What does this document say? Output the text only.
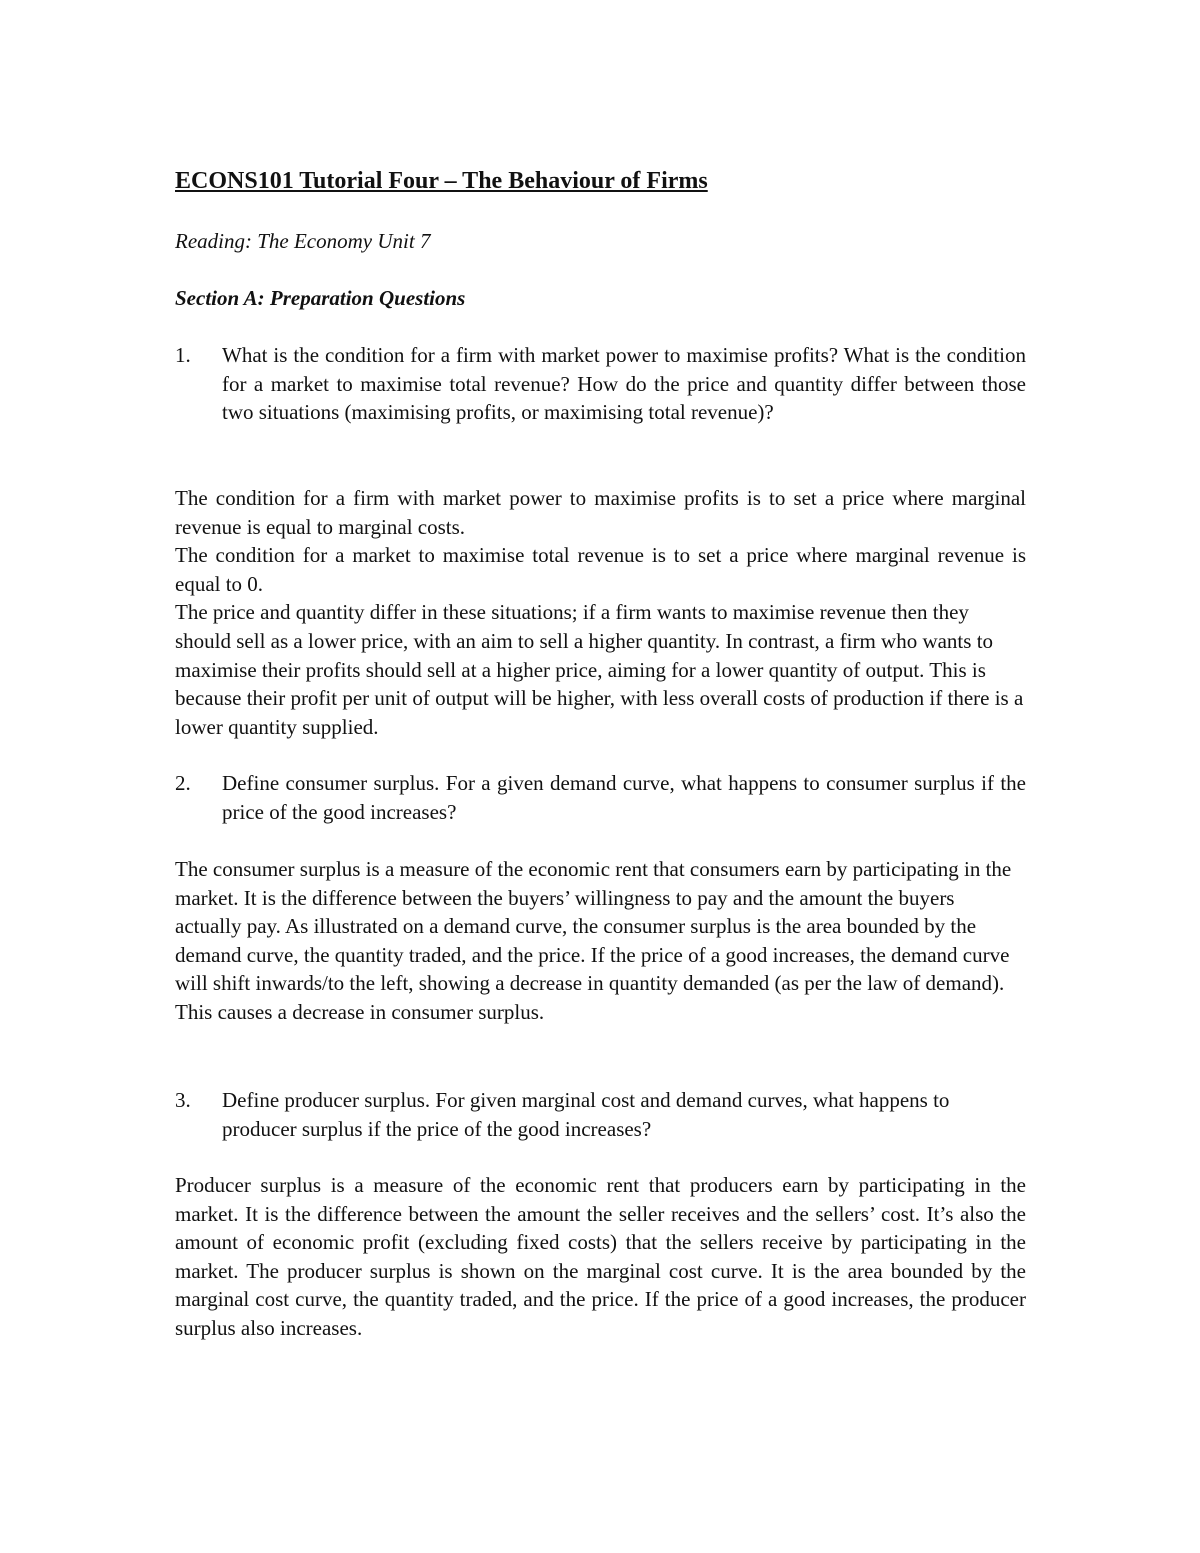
ECONS101 Tutorial Four – The Behaviour of Firms

Reading: The Economy Unit 7

Section A: Preparation Questions

1. What is the condition for a firm with market power to maximise profits? What is the condition for a market to maximise total revenue? How do the price and quantity differ between those two situations (maximising profits, or maximising total revenue)?

The condition for a firm with market power to maximise profits is to set a price where marginal revenue is equal to marginal costs.

The condition for a market to maximise total revenue is to set a price where marginal revenue is equal to 0.

The price and quantity differ in these situations; if a firm wants to maximise revenue then they should sell as a lower price, with an aim to sell a higher quantity. In contrast, a firm who wants to maximise their profits should sell at a higher price, aiming for a lower quantity of output. This is because their profit per unit of output will be higher, with less overall costs of production if there is a lower quantity supplied.

2. Define consumer surplus. For a given demand curve, what happens to consumer surplus if the price of the good increases?

The consumer surplus is a measure of the economic rent that consumers earn by participating in the market. It is the difference between the buyers’ willingness to pay and the amount the buyers actually pay. As illustrated on a demand curve, the consumer surplus is the area bounded by the demand curve, the quantity traded, and the price. If the price of a good increases, the demand curve will shift inwards/to the left, showing a decrease in quantity demanded (as per the law of demand). This causes a decrease in consumer surplus.

3. Define producer surplus. For given marginal cost and demand curves, what happens to producer surplus if the price of the good increases?

Producer surplus is a measure of the economic rent that producers earn by participating in the market. It is the difference between the amount the seller receives and the sellers’ cost. It’s also the amount of economic profit (excluding fixed costs) that the sellers receive by participating in the market. The producer surplus is shown on the marginal cost curve. It is the area bounded by the marginal cost curve, the quantity traded, and the price. If the price of a good increases, the producer surplus also increases.
